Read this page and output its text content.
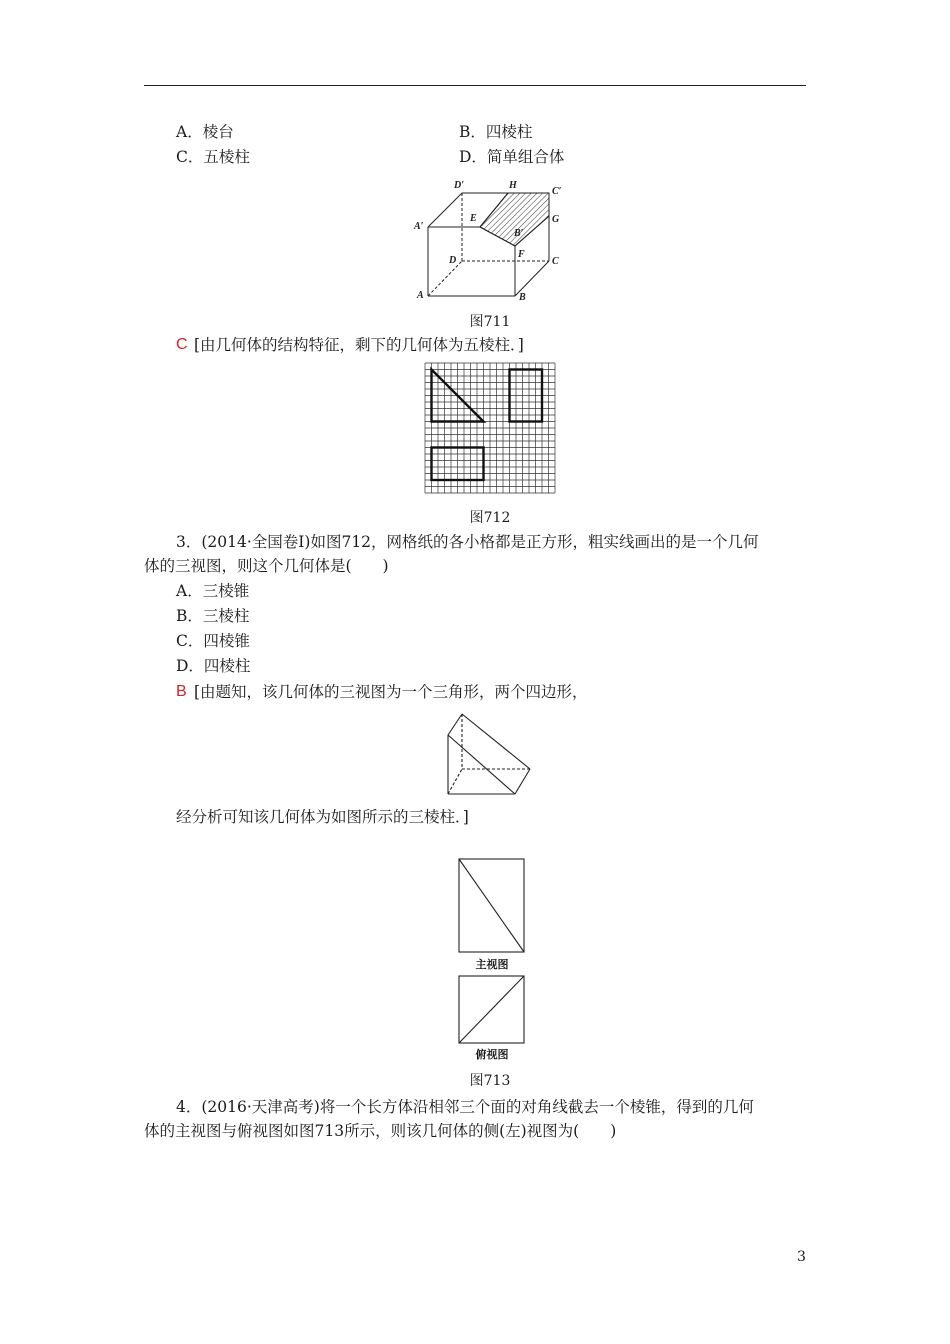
A．棱台	B．四棱柱
C．五棱柱	D．简单组合体
D′	H
C′
E	G
A′
B′
F
D	C
A	B
图711
C [由几何体的结构特征，剩下的几何体为五棱柱．]
图712
3．(2014·全国卷Ⅰ)如图712，网格纸的各小格都是正方形，粗实线画出的是一个几何
体的三视图，则这个几何体是(　　)
A．三棱锥
B．三棱柱
C．四棱锥
D．四棱柱
B [由题知，该几何体的三视图为一个三角形，两个四边形，
经分析可知该几何体为如图所示的三棱柱．]
主视图
俯视图
图713
4．(2016·天津高考)将一个长方体沿相邻三个面的对角线截去一个棱锥，得到的几何
体的主视图与俯视图如图713所示，则该几何体的侧(左)视图为(　　)
3
